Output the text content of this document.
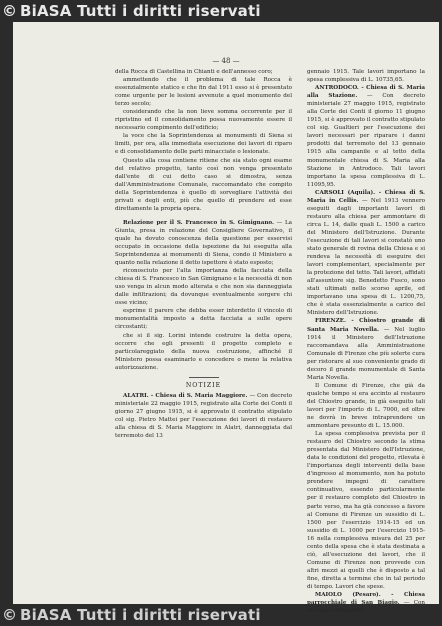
© BiASA Tutti i diritti riservati
— 48 —

della Rocca di Castellina in Chianti e dell'annesso coro;

ammettendo che il problema di tale Rocca è essenzialmente statico e che fin dal 1911 esso si è presentato come urgente per le lesioni avvenute a quel monumento del terzo secolo;

considerando che la non lieve somma occorrente per il ripristino ed il consolidamento possa nuovamente essere il necessario compimento dell'edificio;

la voce che la Soprintendenza ai monumenti di Siena si limiti, per ora, alla immediata esecuzione dei lavori di riparo e di consolidamento delle parti minacciate o lesionate.

Questo alla cosa contiene ritiene che sia stato ogni esame del relativo progetto, tanto così non venga presentato dall'ente di cui detto caso si dimostra, senza dall'Amministrazione Comunale, raccomandato che compito della Soprintendenza è quello di sorvegliare l'attività dei privati e degli enti, più che quello di prendere ed esse direttamente la propria opera.

Relazione per il S. Francesco in S. Gimignano. — La Giunta, presa in relazione del Consigliere Governativo, il quale ha dovuto conoscenza della questione per esservisi occupato in occasione della ispezione da lui eseguita alla Soprintendenza ai monumenti di Siena, condo il Ministero a quanto nella relazione il detto ispettore è stato esposto;

riconosciuto per l'alta importanza della facciata della chiesa di S. Francesco in San Gimignano e la necessità di non uso venga in alcun modo alterata e che non sia danneggiata dalle infiltrazioni; da dovunque eventualmente sorgere chi osse vicino;

esprime il parere che debba esser interdetto il vincolo di monumentalità imposto a detta facciata a sulle opere circostanti;

che si il sig. Lorini intende costruire la detta opera, occorre che egli presenti il progetto completo e particolareggiato della nuova costruzione, affinché il Ministero possa esaminarlo e concedere o meno la relativa autorizzazione.

NOTIZIE

ALATRI. - Chiesa di S. Maria Maggiore. — Con decreto ministeriale 22 maggio 1915, registrato alla Corte dei Conti il giorno 27 giugno 1915, si è approvato il contratto stipulato col sig. Pietro Mattei per l'esecuzione dei lavori di restauro alla chiesa di S. Maria Maggiore in Alatri, danneggiata dal terremoto del 13

gennaio 1915. Tale lavori importano la spesa complessiva di L. 10735,65.

ANTRODOCO. - Chiesa di S. Maria alla Stazione. — Con decreto ministeriale 27 maggio 1915, registrato alla Corte dei Conti il giorno 11 giugno 1915, si è approvato il contratto stipulato col sig. Gualtieri per l'esecuzione dei lavori necessari per riparare i danni prodotti dal terremoto del 13 gennaio 1915 alla campanile e al tetto della monumentale chiesa di S. Maria alla Stazione in Antrodoco. Tali lavori importano la spesa complessiva di L. 11095,95.

CARSOLI (Aquila). - Chiesa di S. Maria in Cellis. — Nel 1913 vennero eseguiti dagli importanti lavori di restauro alla chiesa per ammontare di circa L. 14, dalle quali L. 1500 a carico del Ministero dell'Istruzione. Durante l'esecuzione di tali lavori si constatò uno stato generale di rovina della Chiesa e si rendeva la necessità di eseguire dei lavori complementari, specialmente per la protezione del tetto. Tali lavori, affidati all'assuntore sig. Benedetto Fusco, sono stati ultimati nello scorso aprile, ed importavano una spesa di L. 1200,75, che è stata essenzialmente a carico del Ministero dell'Istruzione.

FIRENZE. - Chiostro grande di Santa Maria Novella. — Nel luglio 1914 il Ministero dell'Istruzione raccomandava alla Amministrazione Comunale di Firenze che più solerte cura per ristorare al suo conveniente grado di decoro il grande monumentale di Santa Maria Novella.

Il Comune di Firenze, che già da qualche tempo si era accinto al restauro del Chiostro grande, in già eseguito tali lavori per l'importo di L. 7000, ed oltre ne dovrà in breve intraprendere un ammontare presunto di L. 15.000.

La spesa complessiva prevista per il restauro del Chiostro secondo la stima presentata dal Ministero dell'Istruzione, data le condizioni del progetto, rilevata è l'importanza degli interventi della base d'ingresso al monumento, non ha potuto prendere impegni di carattere continuativo, essendo particolarmente per il restauro completo del Chiostro in parte verso, ma ha già concesso a favore al Comune di Firenze un sussidio di L. 1500 per l'esercizio 1914-15 ed un sussidio di L. 1000 per l'esercizio 1915-16 nella complessiva misura del 25 per cento della spesa che è stata destinata a ciò, all'esecuzione dei lavori, che il Comune di Firenze non provvede con altri mezzi ai quelli che è disposto a tal fine, diretta a termine che in tal periodo di tempo. Lavori che spese.

MAIOLO (Pesaro). - Chiesa parrocchiale di San Biagio. — Con decreto ministeriale

© BiASA Tutti i diritti riservati
